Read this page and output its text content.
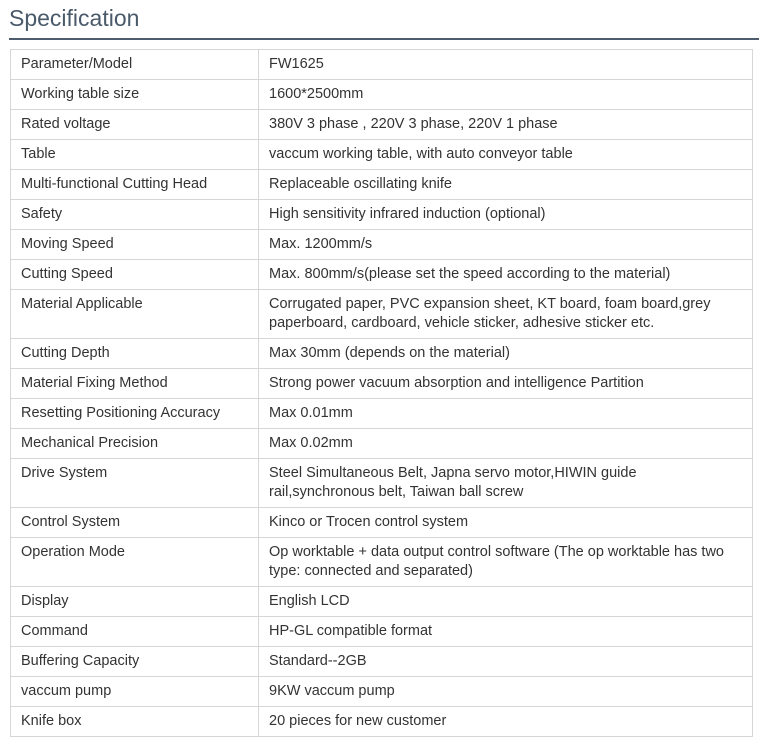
Specification
Parameter/Model	FW1625
Working table size	1600*2500mm
Rated voltage	380V 3 phase , 220V 3 phase, 220V 1 phase
Table	vaccum working table, with auto conveyor table
Multi-functional Cutting Head	Replaceable oscillating knife
Safety	High sensitivity infrared induction (optional)
Moving Speed	Max. 1200mm/s
Cutting Speed	Max. 800mm/s(please set the speed according to the material)
Material Applicable	Corrugated paper, PVC expansion sheet, KT board, foam board,grey paperboard, cardboard, vehicle sticker, adhesive sticker etc.
Cutting Depth	Max 30mm (depends on the material)
Material Fixing Method	Strong power vacuum absorption and intelligence Partition
Resetting Positioning Accuracy	Max 0.01mm
Mechanical Precision	Max 0.02mm
Drive System	Steel Simultaneous Belt, Japna servo motor,HIWIN guide rail,synchronous belt, Taiwan ball screw
Control System	Kinco or Trocen control system
Operation Mode	Op worktable + data output control software (The op worktable has two type: connected and separated)
Display	English LCD
Command	HP-GL compatible format
Buffering Capacity	Standard--2GB
vaccum pump	9KW vaccum pump
Knife box	20 pieces for new customer
